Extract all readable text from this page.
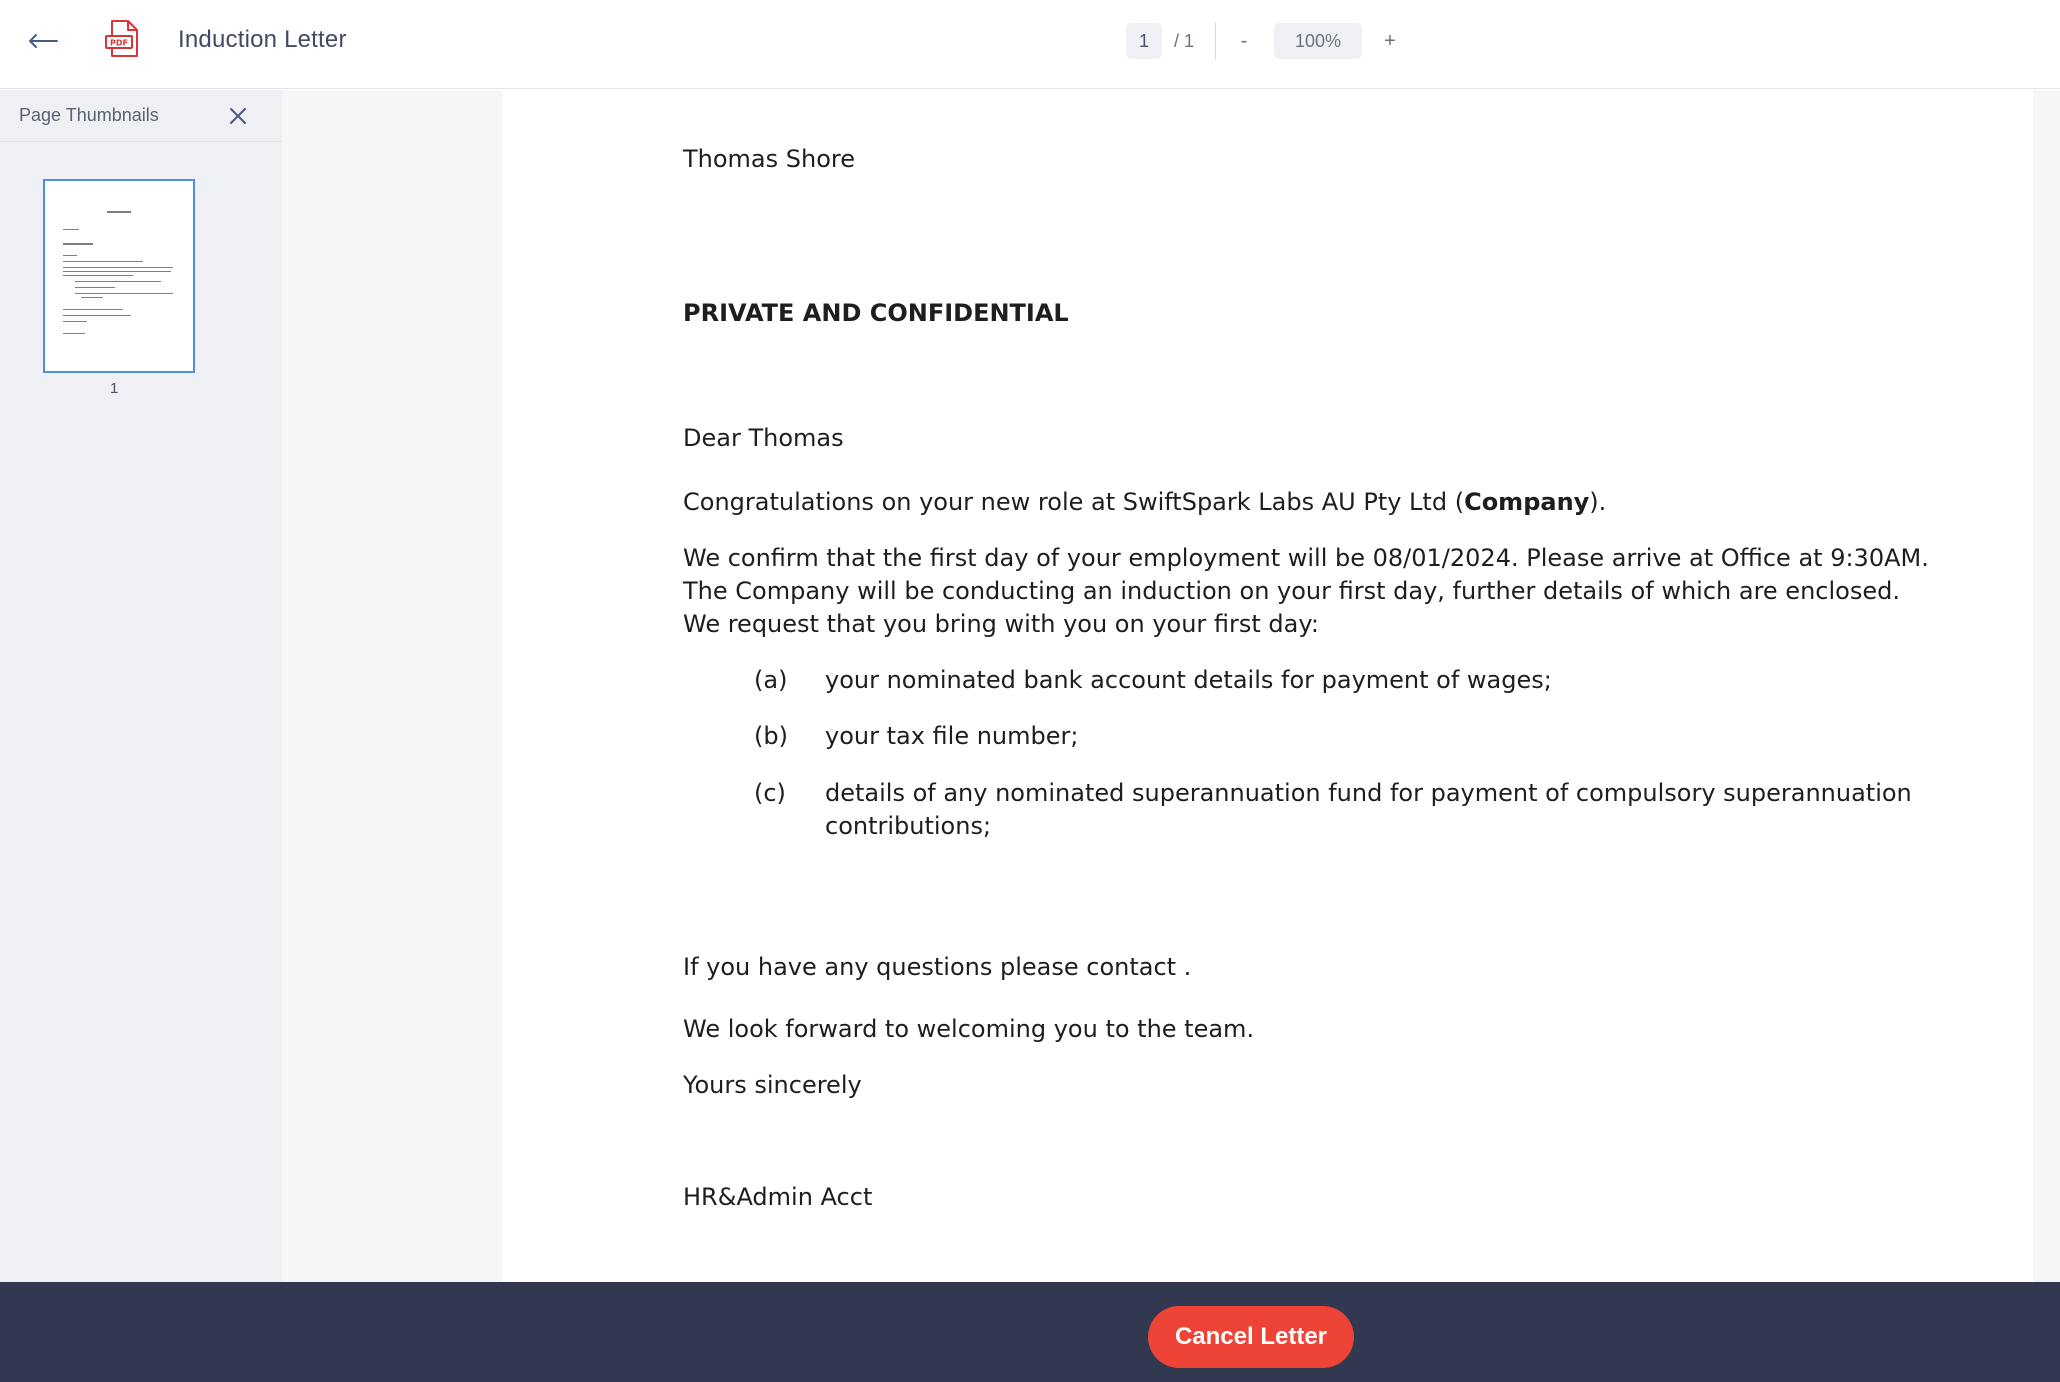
PDF Induction Letter
1	/ 1	-	100%	+
Page Thumbnails
1
Thomas Shore
PRIVATE AND CONFIDENTIAL
Dear Thomas
Congratulations on your new role at SwiftSpark Labs AU Pty Ltd (Company).
We confirm that the first day of your employment will be 08/01/2024. Please arrive at Office at 9:30AM.
The Company will be conducting an induction on your first day, further details of which are enclosed.
We request that you bring with you on your first day:
(a) your nominated bank account details for payment of wages;
(b) your tax file number;
(c) details of any nominated superannuation fund for payment of compulsory superannuation
contributions;
If you have any questions please contact .
We look forward to welcoming you to the team.
Yours sincerely
HR&Admin Acct
Cancel Letter
